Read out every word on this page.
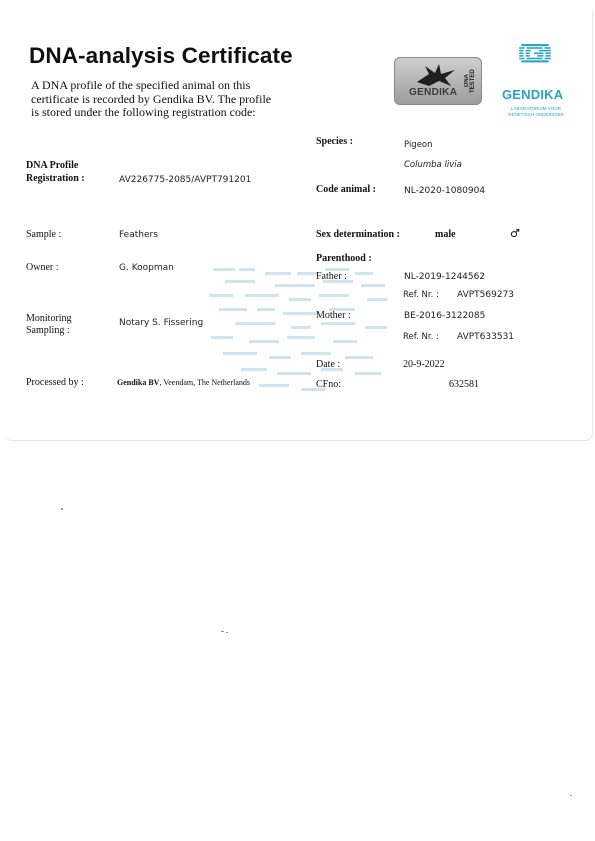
DNA-analysis Certificate
A DNA profile of the specified animal on this certificate is recorded by Gendika BV. The profile is stored under the following registration code:
GENDIKA
DNA TESTED
GENDIKA
LABORATORIUM VOOR GENETISCH ONDERZOEK
DNA Profile
Registration :	AV226775-2085/AVPT791201
Sample :	Feathers
Owner :	G. Koopman
Monitoring
Sampling :
Notary S. Fissering
Processed by :	Gendika BV, Veendam, The Netherlands
Species :	Pigeon
Columba livia
Code animal :	NL-2020-1080904
Sex determination :	male	♂
Parenthood :
Father :	NL-2019-1244562
Ref. Nr. : AVPT569273
Mother :	BE-2016-3122085
Ref. Nr. : AVPT633531
Date :	20-9-2022
CFno:	632581
